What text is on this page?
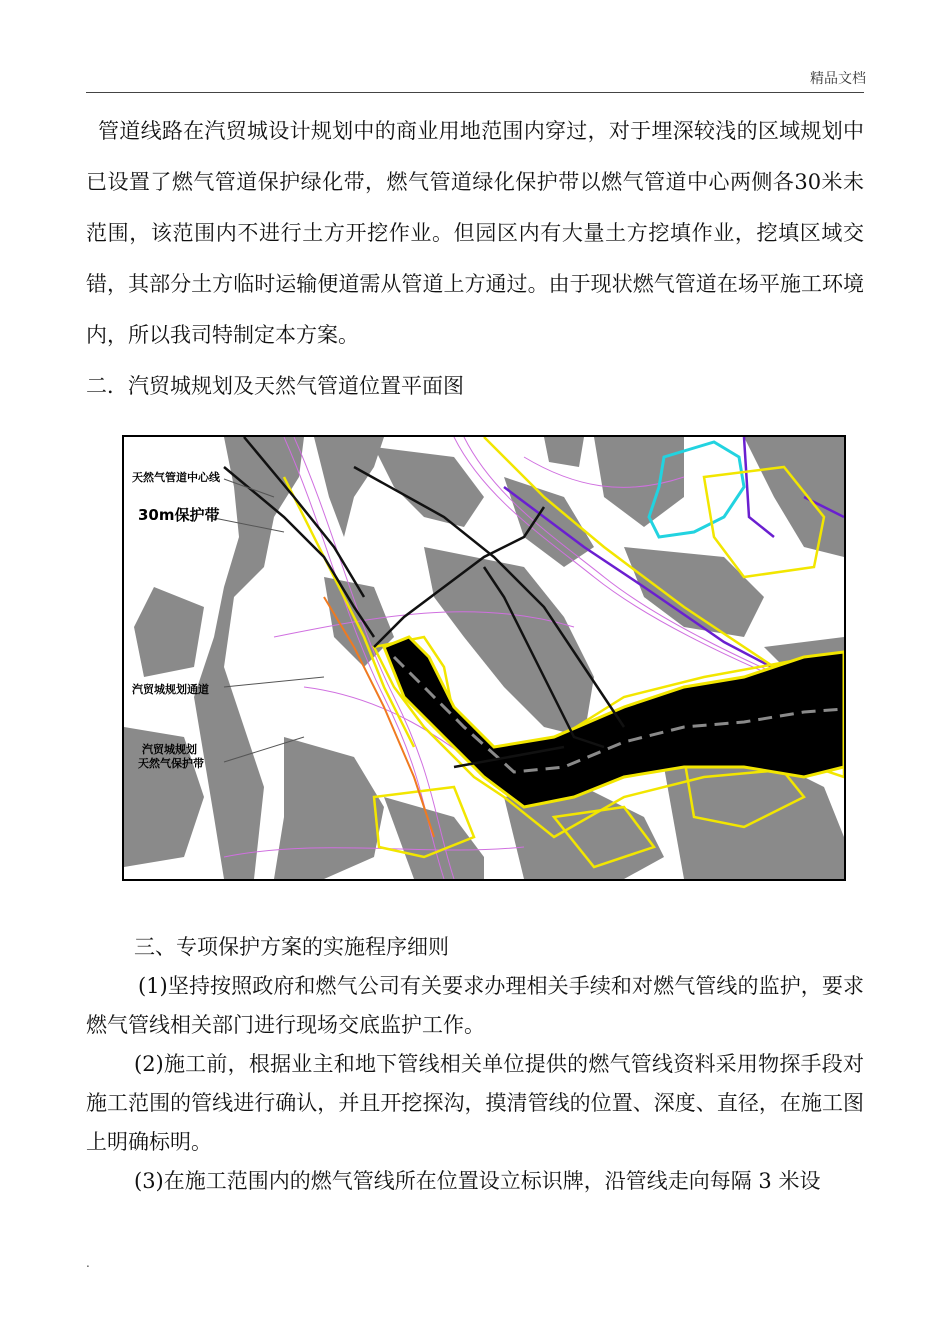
精品文档

管道线路在汽贸城设计规划中的商业用地范围内穿过，对于埋深较浅的区域规划中已设置了燃气管道保护绿化带，燃气管道绿化保护带以燃气管道中心两侧各30米未范围，该范围内不进行土方开挖作业。但园区内有大量土方挖填作业，挖填区域交错，其部分土方临时运输便道需从管道上方通过。由于现状燃气管道在场平施工环境内，所以我司特制定本方案。

二．汽贸城规划及天然气管道位置平面图

天然气管道中心线
30m保护带
汽贸城规划通道
汽贸城规划
天然气保护带

三、专项保护方案的实施程序细则

(1)坚持按照政府和燃气公司有关要求办理相关手续和对燃气管线的监护，要求燃气管线相关部门进行现场交底监护工作。

(2)施工前，根据业主和地下管线相关单位提供的燃气管线资料采用物探手段对施工范围的管线进行确认，并且开挖探沟，摸清管线的位置、深度、直径，在施工图上明确标明。

(3)在施工范围内的燃气管线所在位置设立标识牌，沿管线走向每隔 3 米设

.
